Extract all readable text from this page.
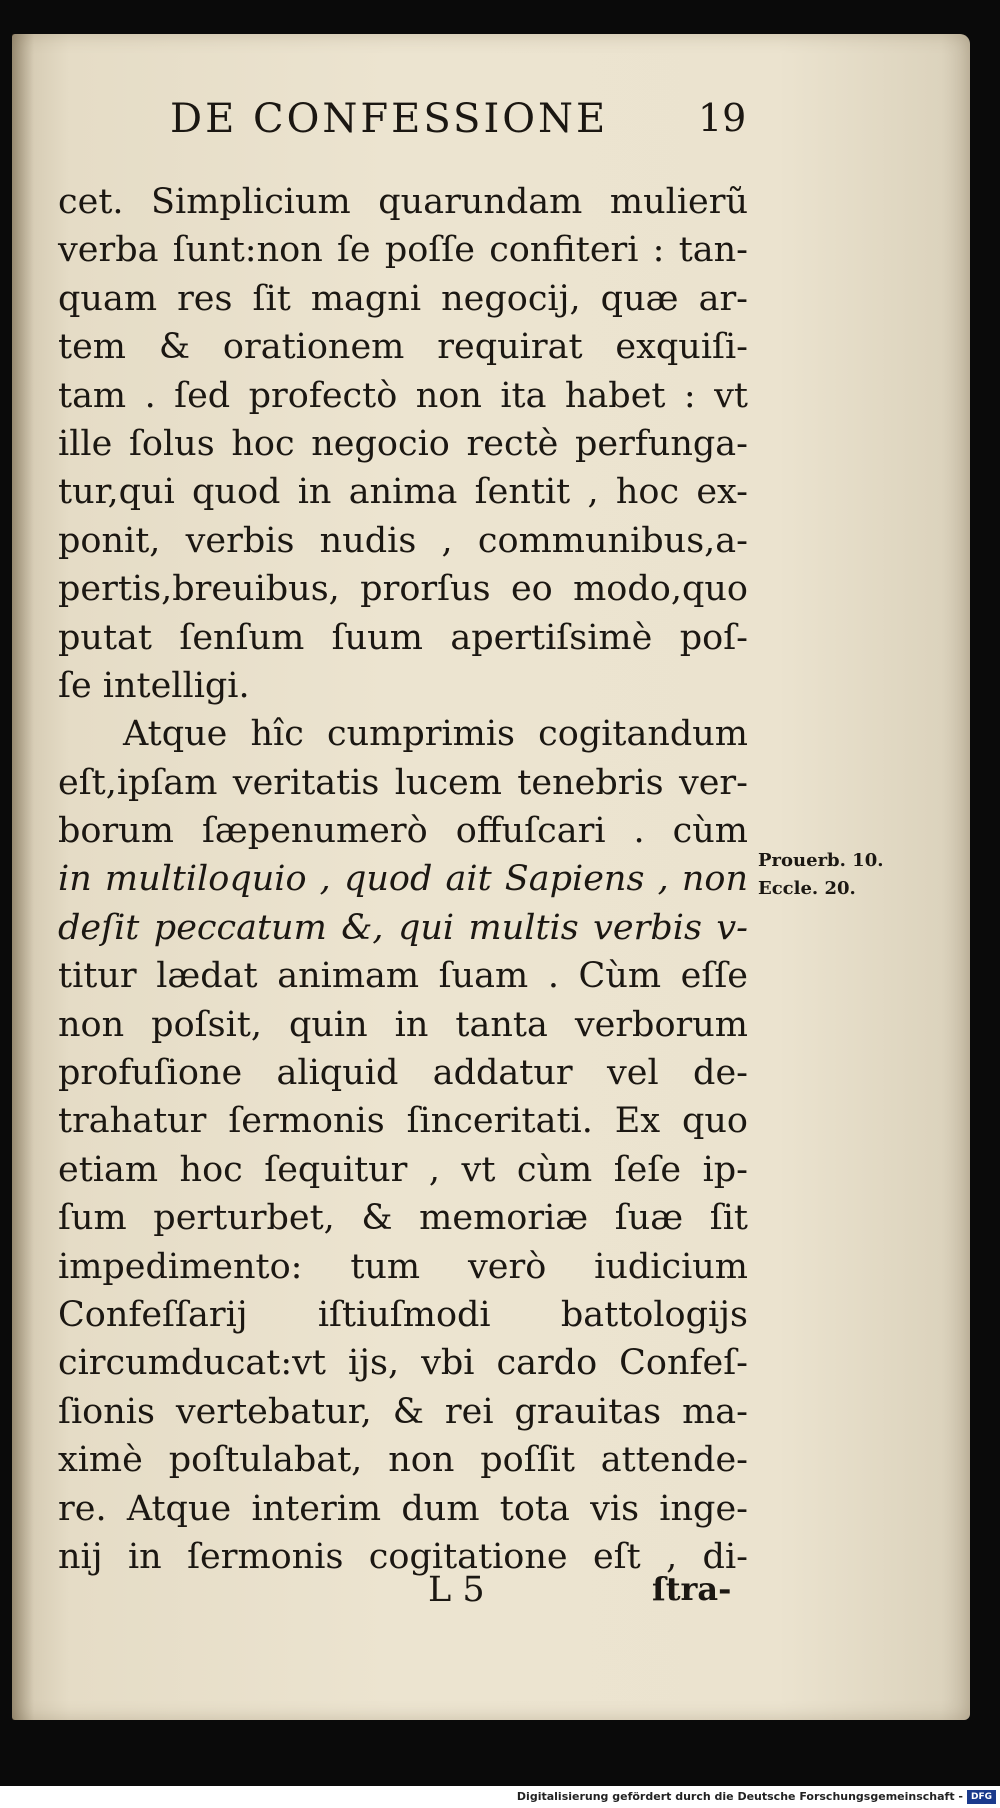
DE CONFESSIONE	19
cet. Simplicium quarundam mulierũ
verba ſunt:non ſe poſſe confiteri : tan-
quam res ſit magni negocij, quæ ar-
tem & orationem requirat exquiſi-
tam . ſed profectò non ita habet : vt
ille ſolus hoc negocio rectè perfunga-
tur,qui quod in anima ſentit , hoc ex-
ponit, verbis nudis , communibus,a-
pertis,breuibus, prorſus eo modo,quo
putat ſenſum ſuum apertiſsimè poſ-
ſe intelligi.
Atque hîc cumprimis cogitandum
eſt,ipſam veritatis lucem tenebris ver-
borum ſæpenumerò offuſcari . cùm
in multiloquio , quod ait Sapiens , non
deſit peccatum &, qui multis verbis v-
titur lædat animam ſuam . Cùm eſſe
non poſsit, quin in tanta verborum
profuſione aliquid addatur vel de-
trahatur ſermonis ſinceritati. Ex quo
etiam hoc ſequitur , vt cùm ſeſe ip-
ſum perturbet, & memoriæ ſuæ ſit
impedimento: tum verò iudicium
Confeſſarij iſtiuſmodi battologijs
circumducat:vt ijs, vbi cardo Confeſ-
ſionis vertebatur, & rei grauitas ma-
ximè poſtulabat, non poſſit attende-
re. Atque interim dum tota vis inge-
nij in ſermonis cogitatione eſt , di-
Prouerb. 10.
Eccle. 20.
L 5	ſtra-
Digitalisierung gefördert durch die Deutsche Forschungsgemeinschaft - DFG
